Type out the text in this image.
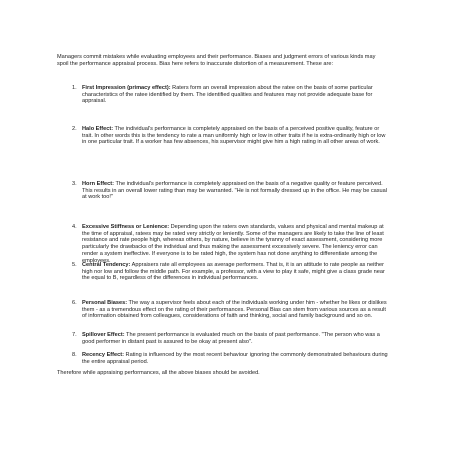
Managers commit mistakes while evaluating employees and their performance. Biases and judgment errors of various kinds may spoil the performance appraisal process. Bias here refers to inaccurate distortion of a measurement. These are:

1. First Impression (primacy effect): Raters form an overall impression about the ratee on the basis of some particular characteristics of the ratee identified by them. The identified qualities and features may not provide adequate base for appraisal.

2. Halo Effect: The individual's performance is completely appraised on the basis of a perceived positive quality, feature or trait. In other words this is the tendency to rate a man uniformly high or low in other traits if he is extra-ordinarily high or low in one particular trait. If a worker has few absences, his supervisor might give him a high rating in all other areas of work.

3. Horn Effect: The individual's performance is completely appraised on the basis of a negative quality or feature perceived. This results in an overall lower rating than may be warranted. "He is not formally dressed up in the office. He may be casual at work too!"

4. Excessive Stiffness or Lenience: Depending upon the raters own standards, values and physical and mental makeup at the time of appraisal, ratees may be rated very strictly or leniently. Some of the managers are likely to take the line of least resistance and rate people high, whereas others, by nature, believe in the tyranny of exact assessment, considering more particularly the drawbacks of the individual and thus making the assessment excessively severe. The leniency error can render a system ineffective. If everyone is to be rated high, the system has not done anything to differentiate among the employees.

5. Central Tendency: Appraisers rate all employees as average performers. That is, it is an attitude to rate people as neither high nor low and follow the middle path. For example, a professor, with a view to play it safe, might give a class grade near the equal to B, regardless of the differences in individual performances.

6. Personal Biases: The way a supervisor feels about each of the individuals working under him - whether he likes or dislikes them - as a tremendous effect on the rating of their performances. Personal Bias can stem from various sources as a result of information obtained from colleagues, considerations of faith and thinking, social and family background and so on.

7. Spillover Effect: The present performance is evaluated much on the basis of past performance. "The person who was a good performer in distant past is assured to be okay at present also".

8. Recency Effect: Rating is influenced by the most recent behaviour ignoring the commonly demonstrated behaviours during the entire appraisal period.

Therefore while appraising performances, all the above biases should be avoided.
